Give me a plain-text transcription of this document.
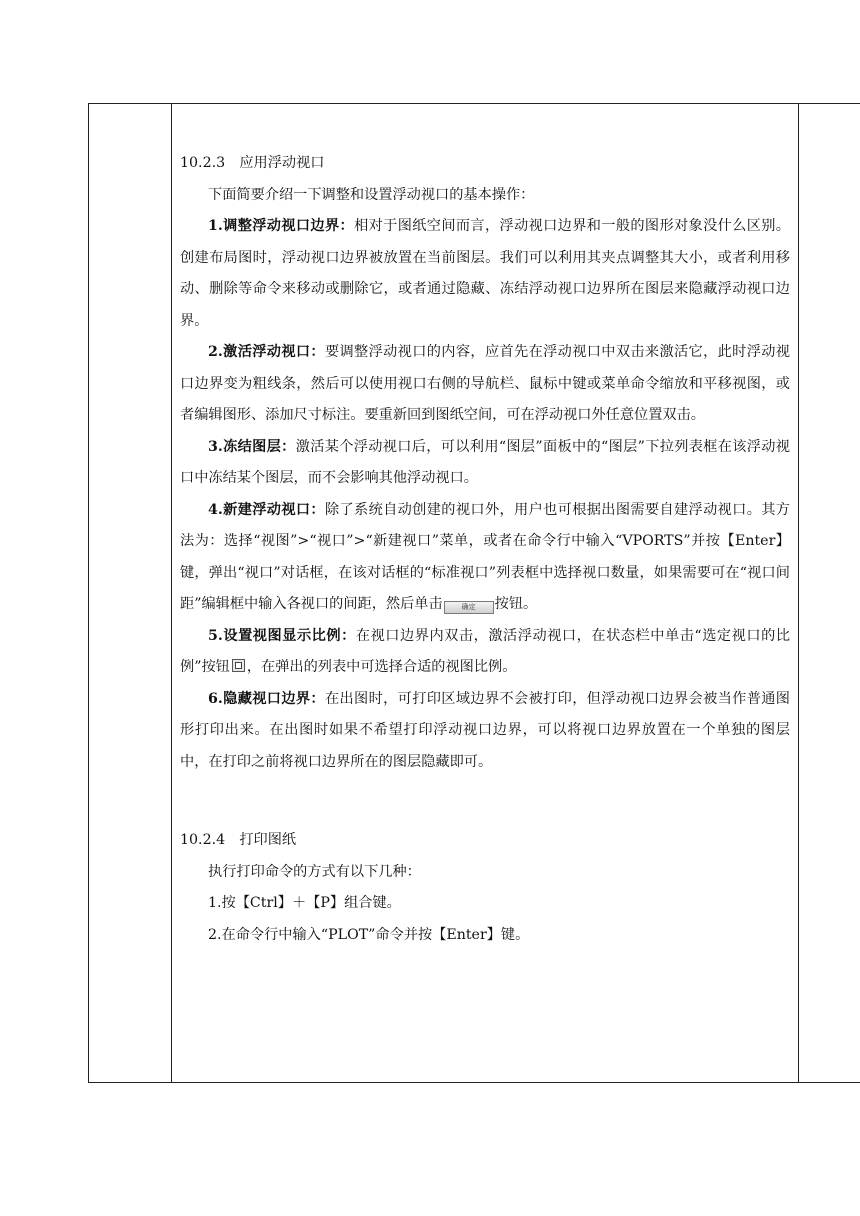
10.2.3　应用浮动视口

下面简要介绍一下调整和设置浮动视口的基本操作：

1.调整浮动视口边界：相对于图纸空间而言，浮动视口边界和一般的图形对象没什么区别。创建布局图时，浮动视口边界被放置在当前图层。我们可以利用其夹点调整其大小，或者利用移动、删除等命令来移动或删除它，或者通过隐藏、冻结浮动视口边界所在图层来隐藏浮动视口边界。

2.激活浮动视口：要调整浮动视口的内容，应首先在浮动视口中双击来激活它，此时浮动视口边界变为粗线条，然后可以使用视口右侧的导航栏、鼠标中键或菜单命令缩放和平移视图，或者编辑图形、添加尺寸标注。要重新回到图纸空间，可在浮动视口外任意位置双击。

3.冻结图层：激活某个浮动视口后，可以利用“图层”面板中的“图层”下拉列表框在该浮动视口中冻结某个图层，而不会影响其他浮动视口。

4.新建浮动视口：除了系统自动创建的视口外，用户也可根据出图需要自建浮动视口。其方法为：选择“视图”>“视口”>“新建视口”菜单，或者在命令行中输入“VPORTS”并按【Enter】键，弹出“视口”对话框，在该对话框的“标准视口”列表框中选择视口数量，如果需要可在“视口间距”编辑框中输入各视口的间距，然后单击	确定 按钮。

5.设置视图显示比例：在视口边界内双击，激活浮动视口，在状态栏中单击“选定视口的比例”按钮 ，在弹出的列表中可选择合适的视图比例。

6.隐藏视口边界：在出图时，可打印区域边界不会被打印，但浮动视口边界会被当作普通图形打印出来。在出图时如果不希望打印浮动视口边界，可以将视口边界放置在一个单独的图层中，在打印之前将视口边界所在的图层隐藏即可。

10.2.4　打印图纸

执行打印命令的方式有以下几种：

1.按【Ctrl】＋【P】组合键。

2.在命令行中输入“PLOT”命令并按【Enter】键。
